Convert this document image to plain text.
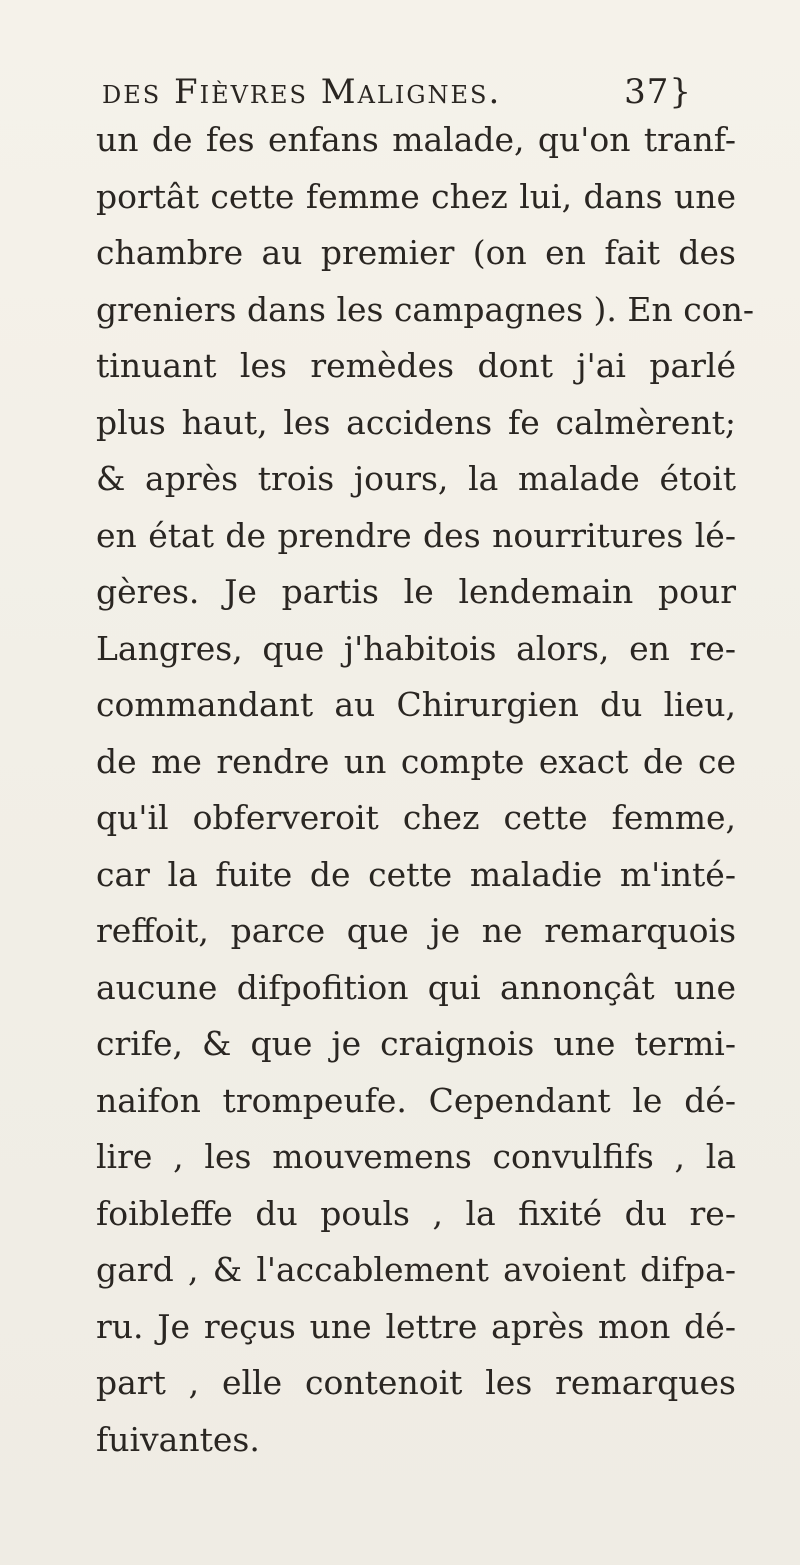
des Fièvres Malignes.	37}
un de fes enfans malade, qu'on tranf-
portât cette femme chez lui, dans une
chambre au premier (on en fait des
greniers dans les campagnes ). En con-
tinuant les remèdes dont j'ai parlé
plus haut, les accidens fe calmèrent;
& après trois jours, la malade étoit
en état de prendre des nourritures lé-
gères. Je partis le lendemain pour
Langres, que j'habitois alors, en re-
commandant au Chirurgien du lieu,
de me rendre un compte exact de ce
qu'il obferveroit chez cette femme,
car la fuite de cette maladie m'inté-
reffoit, parce que je ne remarquois
aucune difpofition qui annonçât une
crife, & que je craignois une termi-
naifon trompeufe. Cependant le dé-
lire , les mouvemens convulfifs , la
foibleffe du pouls , la fixité du re-
gard , & l'accablement avoient difpa-
ru. Je reçus une lettre après mon dé-
part , elle contenoit les remarques
fuivantes.
